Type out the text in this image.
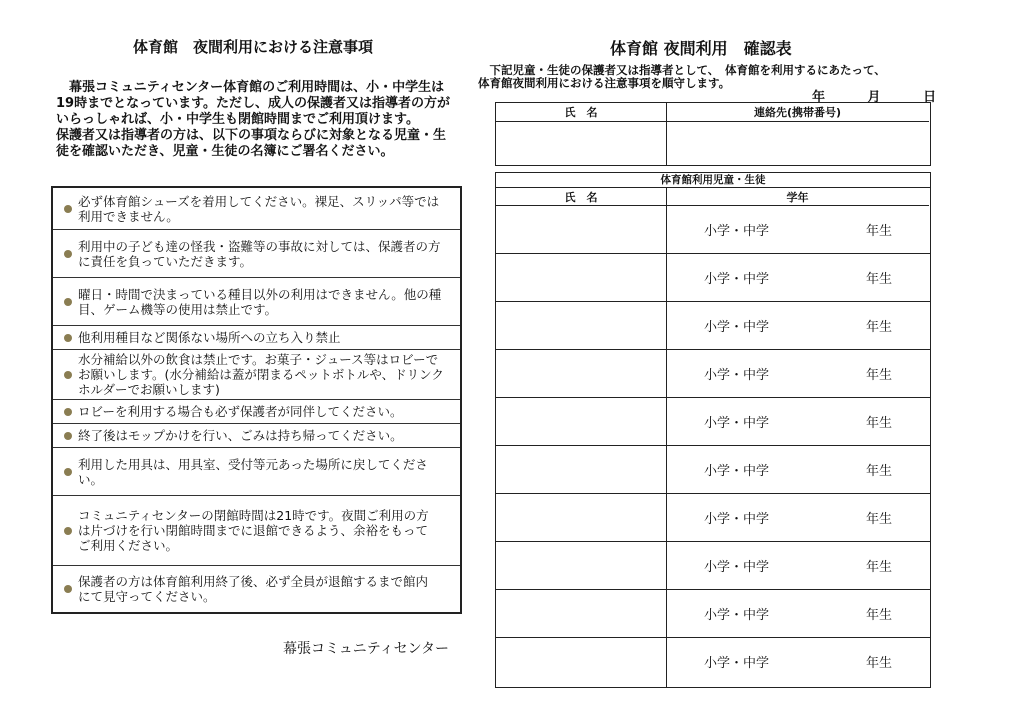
体育館　夜間利用における注意事項
　幕張コミュニティセンター体育館のご利用時間は、小・中学生は
19時までとなっています。ただし、成人の保護者又は指導者の方が
いらっしゃれば、小・中学生も閉館時間までご利用頂けます。
保護者又は指導者の方は、以下の事項ならびに対象となる児童・生
徒を確認いただき、児童・生徒の名簿にご署名ください。
必ず体育館シューズを着用してください。裸足、スリッパ等では
利用できません。
利用中の子ども達の怪我・盗難等の事故に対しては、保護者の方
に責任を負っていただきます。
曜日・時間で決まっている種目以外の利用はできません。他の種
目、ゲーム機等の使用は禁止です。
他利用種目など関係ない場所への立ち入り禁止
水分補給以外の飲食は禁止です。お菓子・ジュース等はロビーで
お願いします。(水分補給は蓋が閉まるペットボトルや、ドリンク
ホルダーでお願いします)
ロビーを利用する場合も必ず保護者が同伴してください。
終了後はモップかけを行い、ごみは持ち帰ってください。
利用した用具は、用具室、受付等元あった場所に戻してくださ
い。
コミュニティセンターの閉館時間は21時です。夜間ご利用の方
は片づけを行い閉館時間までに退館できるよう、余裕をもって
ご利用ください。
保護者の方は体育館利用終了後、必ず全員が退館するまで館内
にて見守ってください。
幕張コミュニティセンター
体育館 夜間利用　確認表
　下記児童・生徒の保護者又は指導者として、　体育館を利用するにあたって、
体育館夜間利用における注意事項を順守します。
年	月	日
氏　名	連絡先(携帯番号)
体育館利用児童・生徒
氏　名	学年
小学・中学	年生
小学・中学	年生
小学・中学	年生
小学・中学	年生
小学・中学	年生
小学・中学	年生
小学・中学	年生
小学・中学	年生
小学・中学	年生
小学・中学	年生
